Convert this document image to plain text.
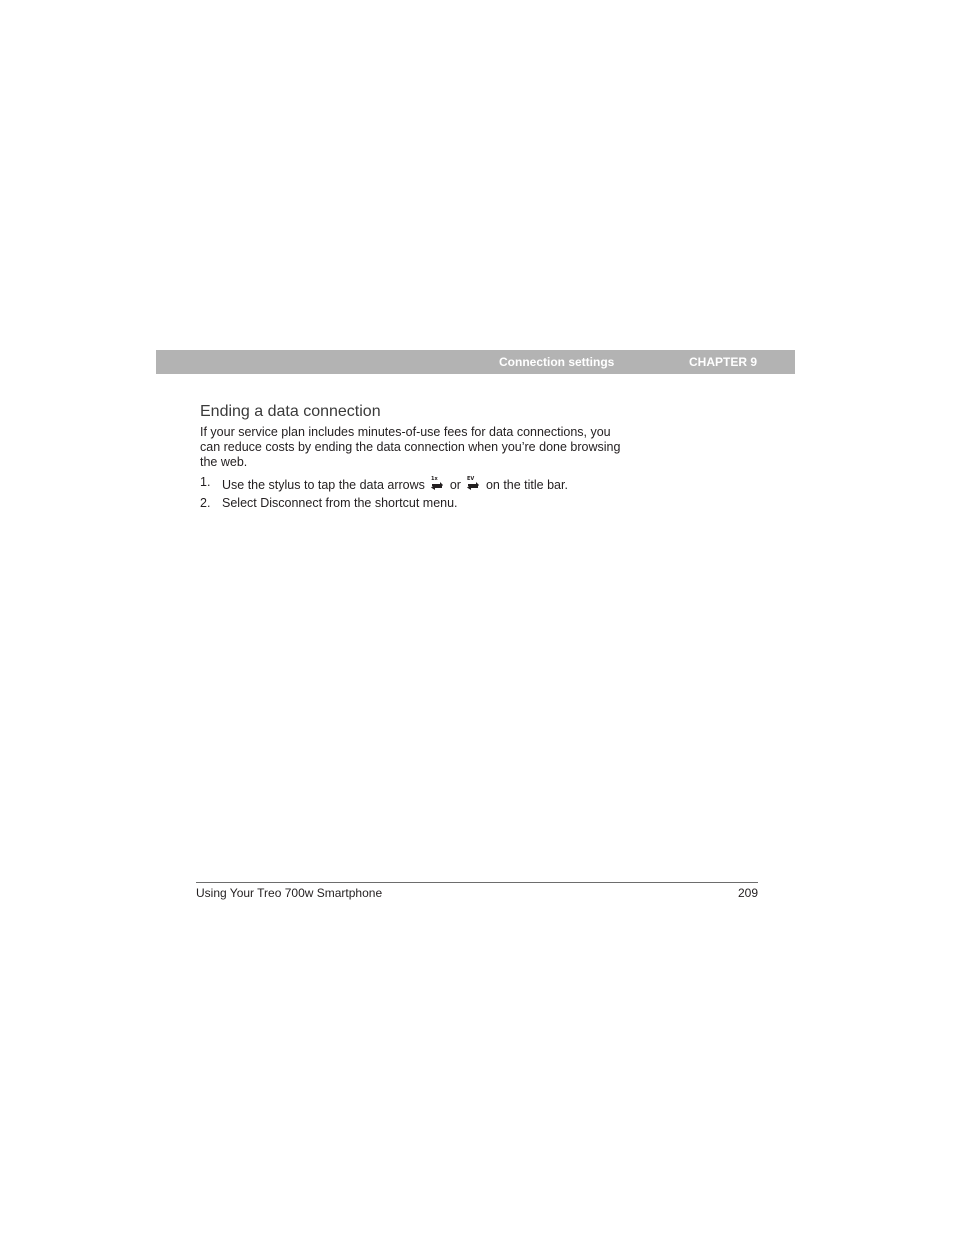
Connection settings	CHAPTER 9
Ending a data connection

If your service plan includes minutes-of-use fees for data connections, you can reduce costs by ending the data connection when you’re done browsing the web.

1. Use the stylus to tap the data arrows 1x or EV on the title bar.
2. Select Disconnect from the shortcut menu.
Using Your Treo 700w Smartphone	209
